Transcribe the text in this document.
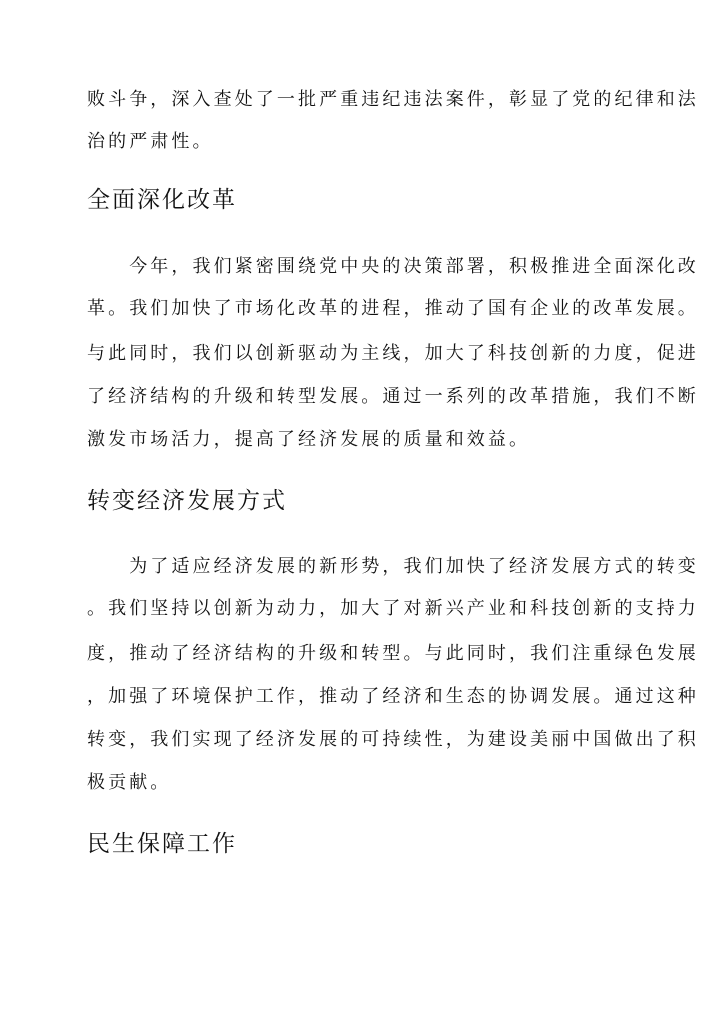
败斗争，深入查处了一批严重违纪违法案件，彰显了党的纪律和法

治的严肃性。

全面深化改革

　　今年，我们紧密围绕党中央的决策部署，积极推进全面深化改

革。我们加快了市场化改革的进程，推动了国有企业的改革发展。

与此同时，我们以创新驱动为主线，加大了科技创新的力度，促进

了经济结构的升级和转型发展。通过一系列的改革措施，我们不断

激发市场活力，提高了经济发展的质量和效益。

转变经济发展方式

　　为了适应经济发展的新形势，我们加快了经济发展方式的转变

。我们坚持以创新为动力，加大了对新兴产业和科技创新的支持力

度，推动了经济结构的升级和转型。与此同时，我们注重绿色发展

，加强了环境保护工作，推动了经济和生态的协调发展。通过这种

转变，我们实现了经济发展的可持续性，为建设美丽中国做出了积

极贡献。

民生保障工作
